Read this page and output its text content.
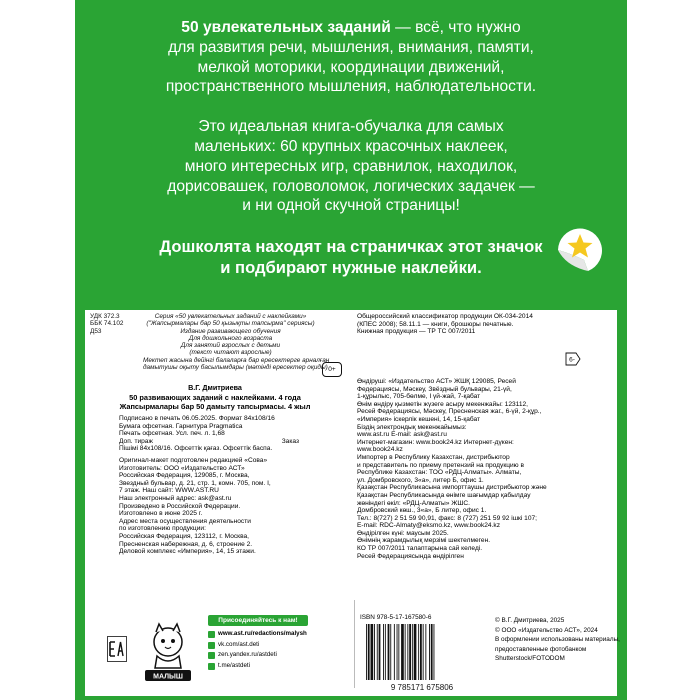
50 увлекательных заданий — всё, что нужно
для развития речи, мышления, внимания, памяти,
мелкой моторики, координации движений,
пространственного мышления, наблюдательности.

Это идеальная книга-обучалка для самых
маленьких: 60 крупных красочных наклеек,
много интересных игр, сравнилок, находилок,
дорисовашек, головоломок, логических задачек —
и ни одной скучной страницы!

Дошколята находят на страничках этот значок
и подбирают нужные наклейки.

УДК 372.3
ББК 74.102
Д53
Серия «50 увлекательных заданий с наклейками»
("Жапсырмалары бар 50 қызықты тапсырма" сериясы)
Издание развивающего обучения
Для дошкольного возраста
Для занятий взрослых с детьми
(текст читают взрослые)
Мектеп жасына дейінгі балаларға бар ересектерге арналған
дамытушы оқыту басылымдары (мәтінді ересектер оқиды) 0+
В.Г. Дмитриева
50 развивающих заданий с наклейками. 4 года
Жапсырмалары бар 50 дамыту тапсырмасы. 4 жыл
Подписано в печать 06.05.2025. Формат 84x108/16
Бумага офсетная. Гарнитура Pragmatica
Печать офсетная. Усл. печ. л. 1,68
Доп. тираж	Заказ
Пішімі 84x108/16. Офсеттік қағаз. Офсеттік баспа.
Оригинал-макет подготовлен редакцией «Сова»
Изготовитель: ООО «Издательство АСТ»
Российская Федерация, 129085, г. Москва,
Звездный бульвар, д. 21, стр. 1, комн. 705, пом. I,
7 этаж. Наш сайт: WWW.AST.RU
Наш электронный адрес: ask@ast.ru
Произведено в Российской Федерации.
Изготовлено в июне 2025 г.
Адрес места осуществления деятельности
по изготовлению продукции:
Российская Федерация, 123112, г. Москва,
Пресненская набережная, д. 6, строение 2.
Деловой комплекс «Империя», 14, 15 этажи.
Общероссийский классификатор продукции ОК-034-2014
(КПЕС 2008); 58.11.1 — книги, брошюры печатные.
Книжная продукция — ТР ТС 007/2011
6-
Өндіруші: «Издательство АСТ» ЖШҚ 129085, Ресей
Федерациясы, Мәскеу, Звёздный бульвары, 21-үй,
1-құрылыс, 705-бөлме, I үй-жай, 7-қабат
Өнім өндіру қызметін жүзеге асыру мекенжайы: 123112,
Ресей Федерациясы, Мәскеу, Пресненская жаг., 6-үй, 2-құр.,
«Империя» іскерлік кешені, 14, 15-қабат
Біздің электрондық мекенжайымыз:
www.ast.ru E-mail: ask@ast.ru
Интернет-магазин: www.book24.kz Интернет-дүкен:
www.book24.kz
Импортер в Республику Казахстан, дистрибьютор
и представитель по приему претензий на продукцию в
Республике Казахстан: ТОО «РДЦ-Алматы». Алматы,
ул. Домбровского, 3«а», литер Б, офис 1.
Қазақстан Республикасына импорттаушы дистрибьютор және
Қазақстан Республикасында өнімге шағымдар қабылдау
жөніндегі өкіл: «РДЦ-Алматы» ЖШС.
Домбровский көш., 3«а», Б литер, офис 1.
Тел.: 8(727) 2 51 59 90,91, факс: 8 (727) 251 59 92 ішкі 107;
E-mail: RDC-Almaty@eksmo.kz, www.book24.kz
Өндірілген күні: маусым 2025.
Өнімнің жарамдылық мерзімі шектелмеген.
КО ТР 007/2011 талаптарына сай келеді.
Ресей Федерациясында өндірілген
МАЛЫШ
Присоединяйтесь к нам!
www.ast.ru/redactions/malysh
vk.com/ast.deti
zen.yandex.ru/astdeti
t.me/astdeti
ISBN 978-5-17-167580-6
9 785171 675806
© В.Г. Дмитриева, 2025
© ООО «Издательство АСТ», 2024
В оформлении использованы материалы,
предоставленные фотобанком
Shutterstock/FOTODOM
